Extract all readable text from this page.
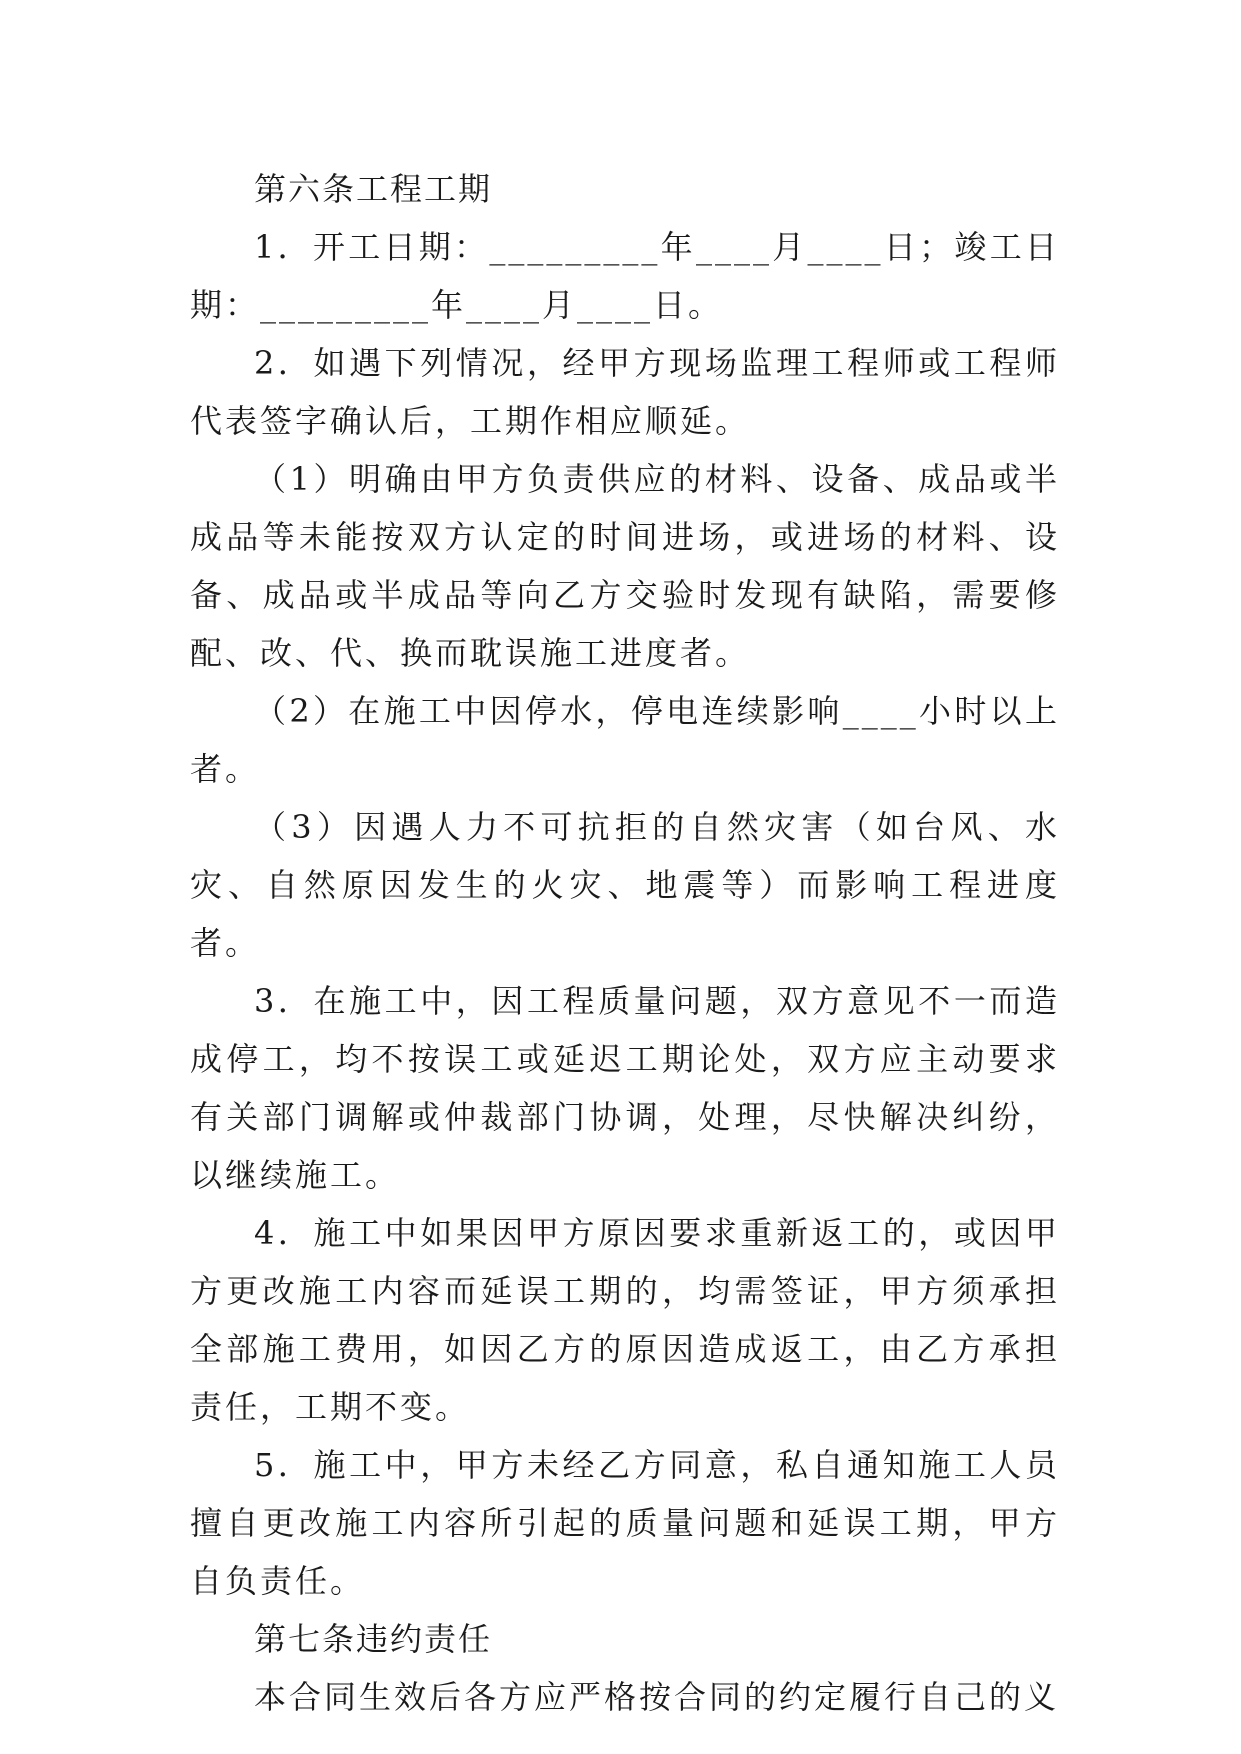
第六条工程工期

1．开工日期：_________年____月____日；竣工日期：_________年____月____日。

2．如遇下列情况，经甲方现场监理工程师或工程师代表签字确认后，工期作相应顺延。

（1）明确由甲方负责供应的材料、设备、成品或半成品等未能按双方认定的时间进场，或进场的材料、设备、成品或半成品等向乙方交验时发现有缺陷，需要修配、改、代、换而耽误施工进度者。

（2）在施工中因停水，停电连续影响____小时以上者。

（3）因遇人力不可抗拒的自然灾害（如台风、水灾、自然原因发生的火灾、地震等）而影响工程进度者。

3．在施工中，因工程质量问题，双方意见不一而造成停工，均不按误工或延迟工期论处，双方应主动要求有关部门调解或仲裁部门协调，处理，尽快解决纠纷，以继续施工。

4．施工中如果因甲方原因要求重新返工的，或因甲方更改施工内容而延误工期的，均需签证，甲方须承担全部施工费用，如因乙方的原因造成返工，由乙方承担责任，工期不变。

5．施工中，甲方未经乙方同意，私自通知施工人员擅自更改施工内容所引起的质量问题和延误工期，甲方自负责任。

第七条违约责任

本合同生效后各方应严格按合同的约定履行自己的义
